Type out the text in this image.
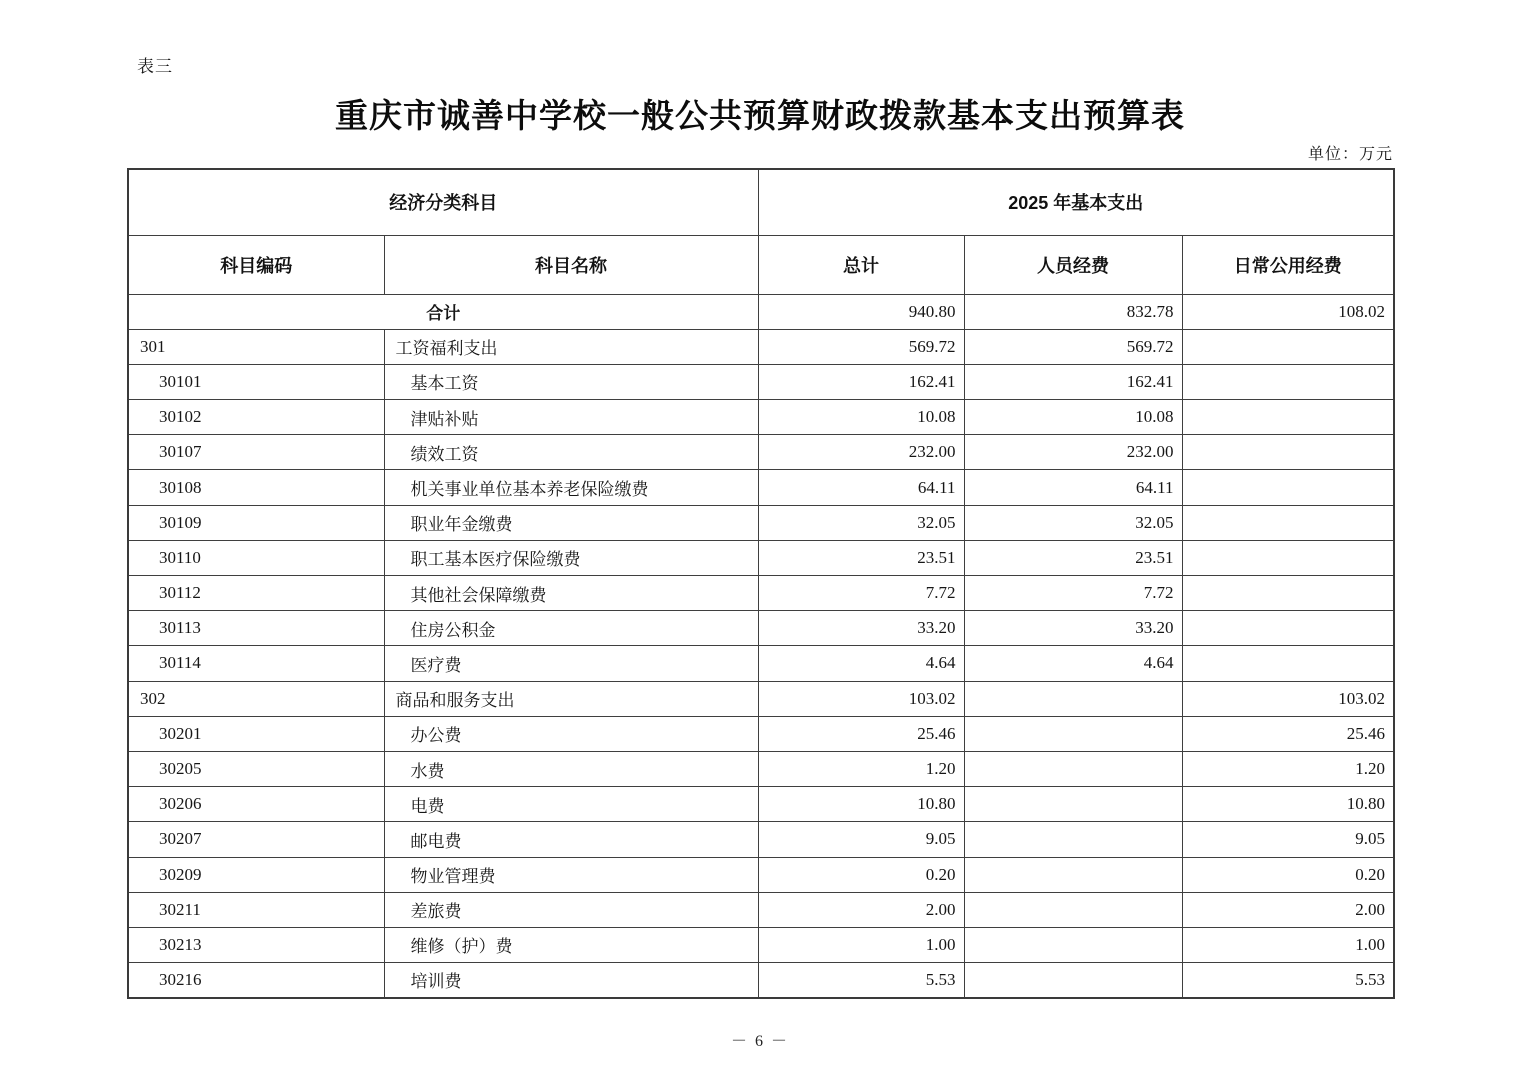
表三
重庆市诚善中学校一般公共预算财政拨款基本支出预算表
单位：万元
经济分类科目		2025 年基本支出		
科目编码	科目名称	总计	人员经费	日常公用经费
合计		940.80	832.78	108.02
301	工资福利支出	569.72	569.72	
30101	基本工资	162.41	162.41	
30102	津贴补贴	10.08	10.08	
30107	绩效工资	232.00	232.00	
30108	机关事业单位基本养老保险缴费	64.11	64.11	
30109	职业年金缴费	32.05	32.05	
30110	职工基本医疗保险缴费	23.51	23.51	
30112	其他社会保障缴费	7.72	7.72	
30113	住房公积金	33.20	33.20	
30114	医疗费	4.64	4.64	
302	商品和服务支出	103.02		103.02
30201	办公费	25.46		25.46
30205	水费	1.20		1.20
30206	电费	10.80		10.80
30207	邮电费	9.05		9.05
30209	物业管理费	0.20		0.20
30211	差旅费	2.00		2.00
30213	维修（护）费	1.00		1.00
30216	培训费	5.53		5.53
－ 6 －
